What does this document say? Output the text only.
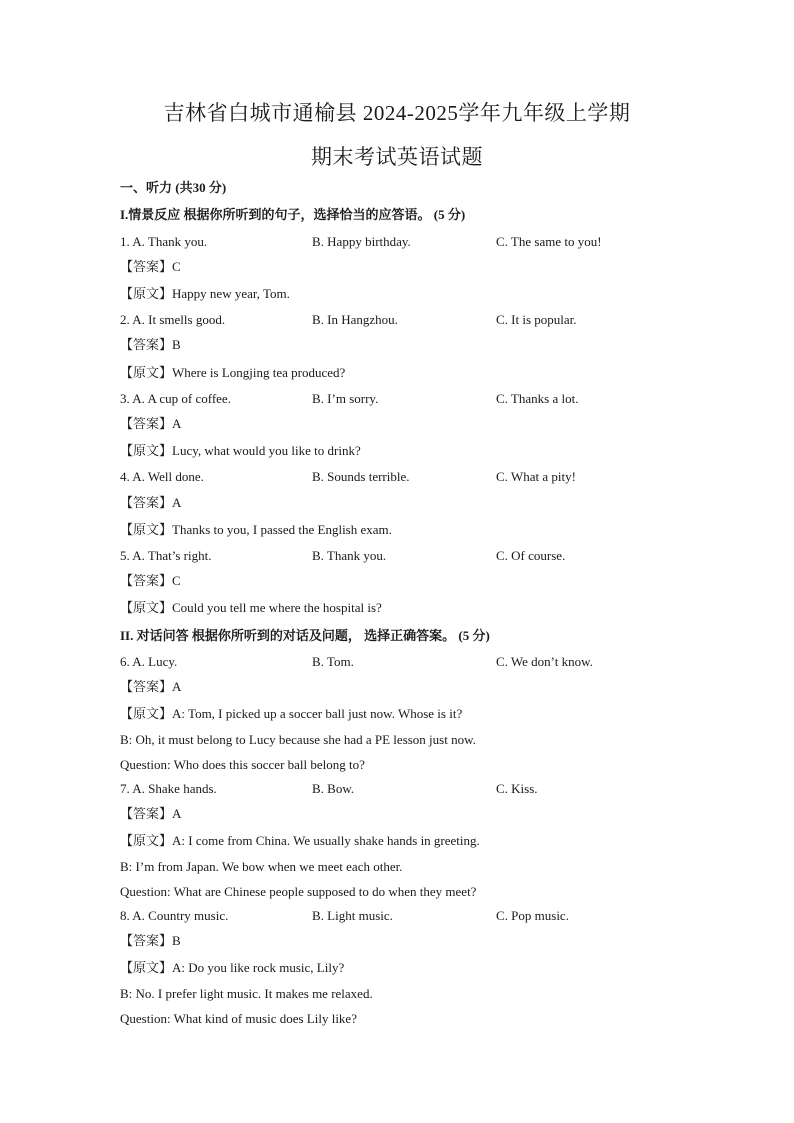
吉林省白城市通榆县 2024-2025学年九年级上学期
期末考试英语试题
一、听力 (共30 分)
I.情景反应 根据你所听到的句子，选择恰当的应答语。 (5 分)
1. A. Thank you.	B. Happy birthday.	C. The same to you!
【答案】C
【原文】Happy new year, Tom.
2. A. It smells good.	B. In Hangzhou.	C. It is popular.
【答案】B
【原文】Where is Longjing tea produced?
3. A. A cup of coffee.	B. I’m sorry.	C. Thanks a lot.
【答案】A
【原文】Lucy, what would you like to drink?
4. A. Well done.	B. Sounds terrible.	C. What a pity!
【答案】A
【原文】Thanks to you, I passed the English exam.
5. A. That’s right.	B. Thank you.	C. Of course.
【答案】C
【原文】Could you tell me where the hospital is?
II. 对话问答 根据你所听到的对话及问题， 选择正确答案。 (5 分)
6. A. Lucy.	B. Tom.	C. We don’t know.
【答案】A
【原文】A: Tom, I picked up a soccer ball just now. Whose is it?
B: Oh, it must belong to Lucy because she had a PE lesson just now.
Question: Who does this soccer ball belong to?
7. A. Shake hands.	B. Bow.	C. Kiss.
【答案】A
【原文】A: I come from China. We usually shake hands in greeting.
B: I’m from Japan. We bow when we meet each other.
Question: What are Chinese people supposed to do when they meet?
8. A. Country music.	B. Light music.	C. Pop music.
【答案】B
【原文】A: Do you like rock music, Lily?
B: No. I prefer light music. It makes me relaxed.
Question: What kind of music does Lily like?
